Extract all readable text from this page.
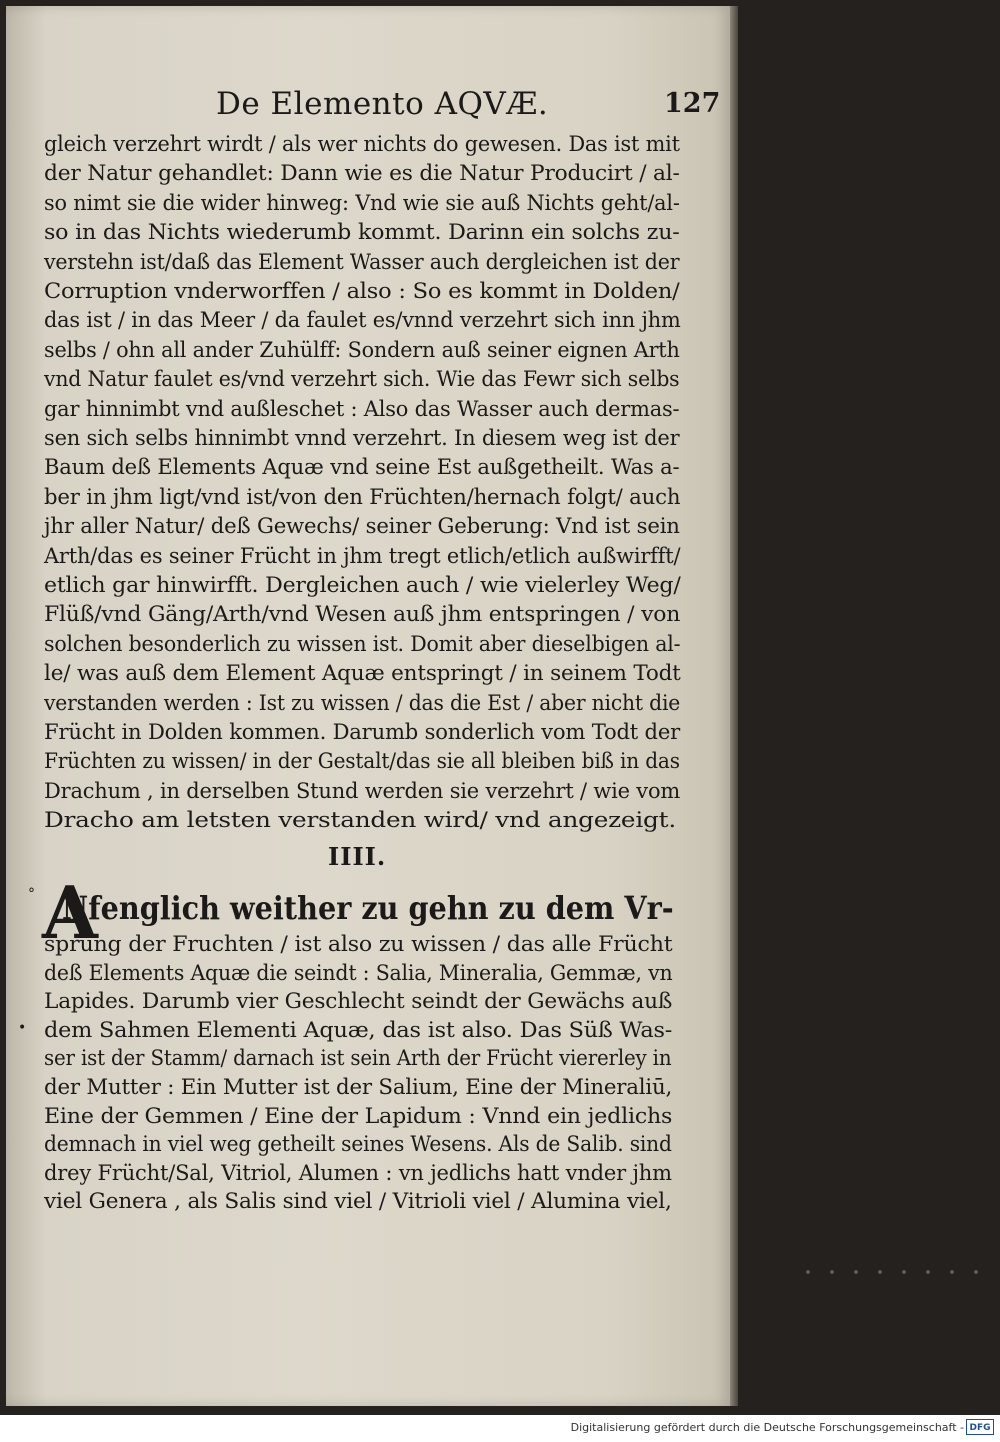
De Elemento AQVÆ.	127
gleich verzehrt wirdt / als wer nichts do gewesen. Das ist mit
der Natur gehandlet: Dann wie es die Natur Producirt / al-
so nimt sie die wider hinweg: Vnd wie sie auß Nichts geht/al-
so in das Nichts wiederumb kommt. Darinn ein solchs zu-
verstehn ist/daß das Element Wasser auch dergleichen ist der
Corruption vnderworffen / also : So es kommt in Dolden/
das ist / in das Meer / da faulet es/vnnd verzehrt sich inn jhm
selbs / ohn all ander Zuhülff: Sondern auß seiner eignen Arth
vnd Natur faulet es/vnd verzehrt sich. Wie das Fewr sich selbs
gar hinnimbt vnd außleschet : Also das Wasser auch dermas-
sen sich selbs hinnimbt vnnd verzehrt. In diesem weg ist der
Baum deß Elements Aquæ vnd seine Est außgetheilt. Was a-
ber in jhm ligt/vnd ist/von den Früchten/hernach folgt/ auch
jhr aller Natur/ deß Gewechs/ seiner Geberung: Vnd ist sein
Arth/das es seiner Frücht in jhm tregt etlich/etlich außwirfft/
etlich gar hinwirfft. Dergleichen auch / wie vielerley Weg/
Flüß/vnd Gäng/Arth/vnd Wesen auß jhm entspringen / von
solchen besonderlich zu wissen ist. Domit aber dieselbigen al-
le/ was auß dem Element Aquæ entspringt / in seinem Todt
verstanden werden : Ist zu wissen / das die Est / aber nicht die
Frücht in Dolden kommen. Darumb sonderlich vom Todt der
Früchten zu wissen/ in der Gestalt/das sie all bleiben biß in das
Drachum , in derselben Stund werden sie verzehrt / wie vom
Dracho am letsten verstanden wird/ vnd angezeigt.
IIII.
A
Nfenglich weither zu gehn zu dem Vr-
sprung der Fruchten / ist also zu wissen / das alle Frücht
deß Elements Aquæ die seindt : Salia, Mineralia, Gemmæ, vn
Lapides. Darumb vier Geschlecht seindt der Gewächs auß
dem Sahmen Elementi Aquæ, das ist also. Das Süß Was-
ser ist der Stamm/ darnach ist sein Arth der Frücht viererley in
der Mutter : Ein Mutter ist der Salium, Eine der Mineraliū,
Eine der Gemmen / Eine der Lapidum : Vnnd ein jedlichs
demnach in viel weg getheilt seines Wesens. Als de Salib. sind
drey Frücht/Sal, Vitriol, Alumen : vn jedlichs hatt vnder jhm
viel Genera , als Salis sind viel / Vitrioli viel / Alumina viel,
°
•
Digitalisierung gefördert durch die Deutsche Forschungsgemeinschaft - DFG
